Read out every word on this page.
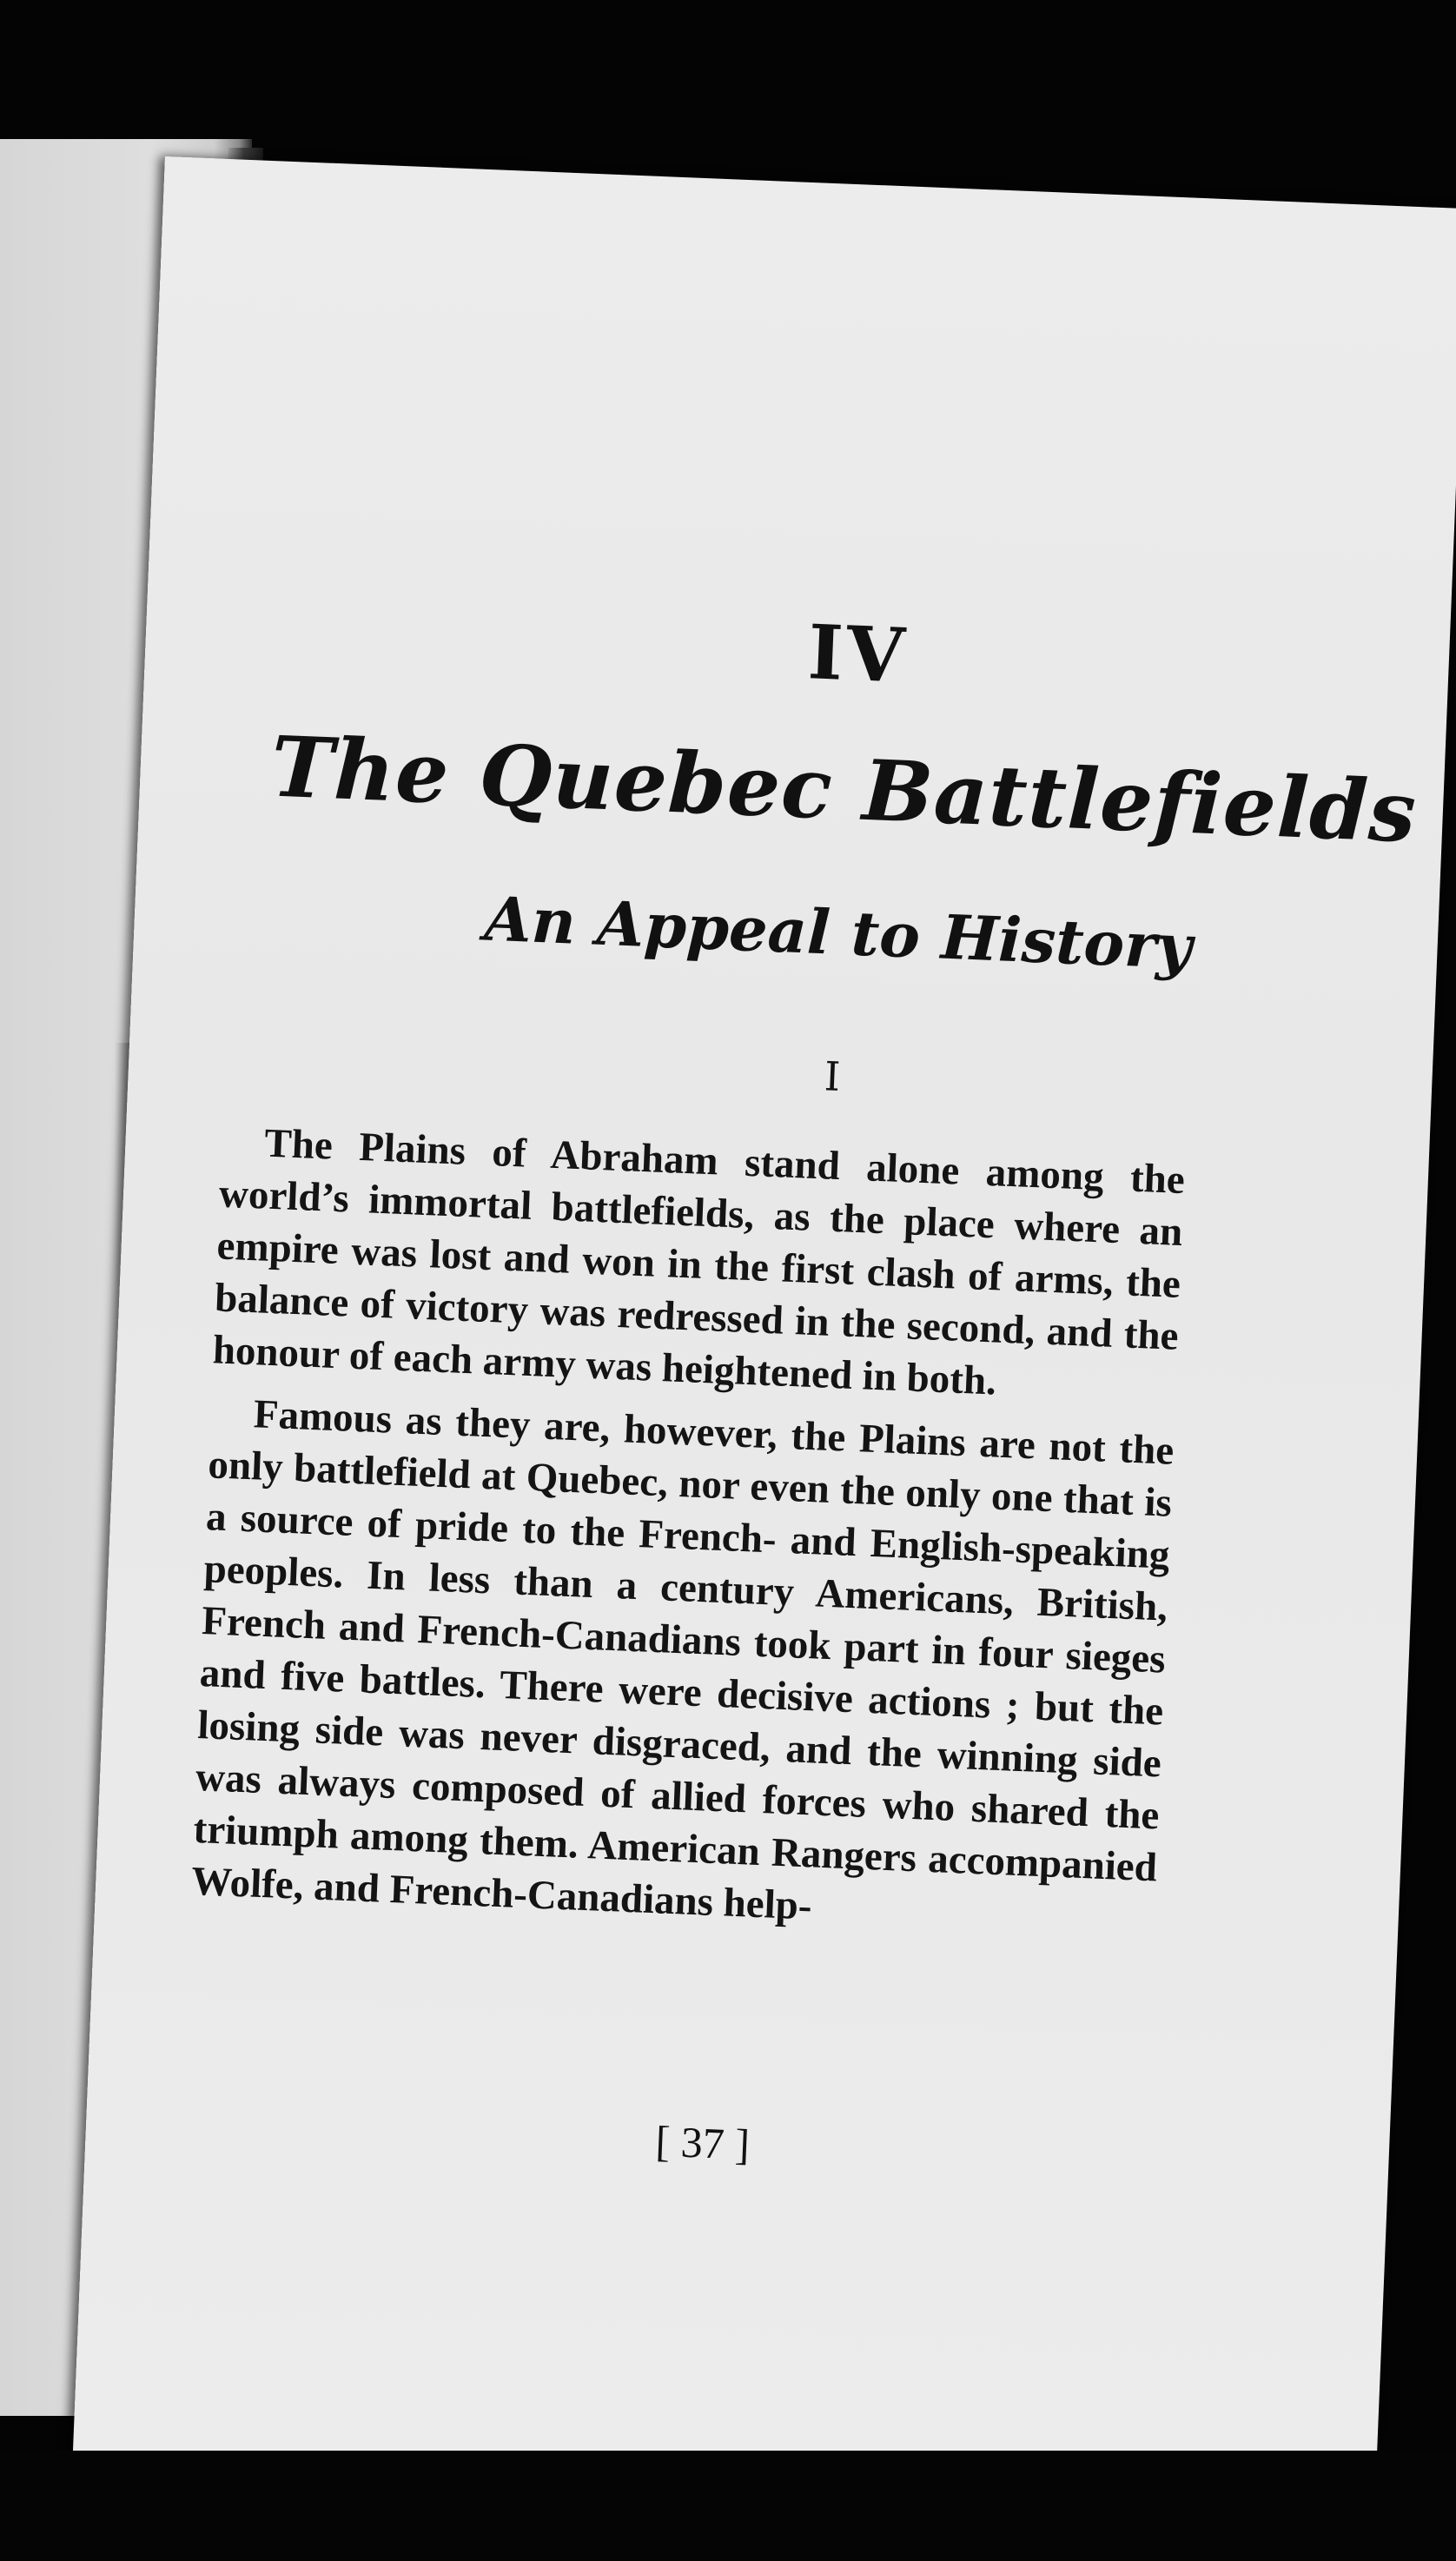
IV
The Quebec Battlefields
An Appeal to History
I

The Plains of Abraham stand alone among the world’s immortal battlefields, as the place where an empire was lost and won in the first clash of arms, the balance of victory was redressed in the second, and the honour of each army was heightened in both.

Famous as they are, however, the Plains are not the only battlefield at Quebec, nor even the only one that is a source of pride to the French- and English-speaking peoples. In less than a century Americans, British, French and French-Canadians took part in four sieges and five battles. There were decisive actions ; but the losing side was never disgraced, and the winning side was always composed of allied forces who shared the triumph among them. American Rangers accompanied Wolfe, and French-Canadians help-

[ 37 ]
